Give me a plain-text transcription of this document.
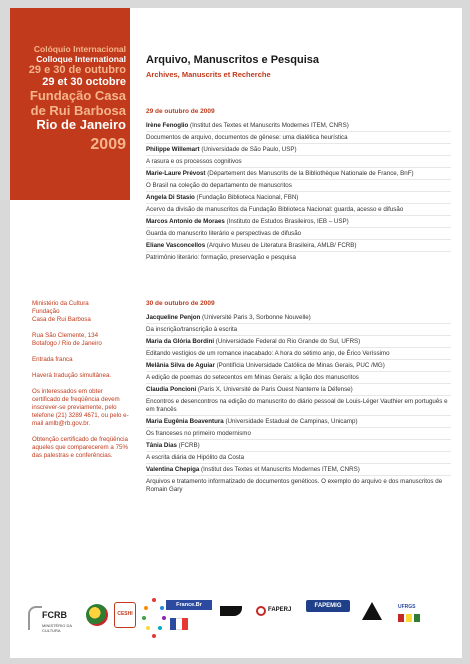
Colóquio Internacional
Colloque International
29 e 30 de outubro
29 et 30 octobre
Fundação Casa
de Rui Barbosa
Rio de Janeiro
2009

Ministério da Cultura
Fundação
Casa de Rui Barbosa

Rua São Clemente, 134
Botafogo / Rio de Janeiro

Entrada franca

Haverá tradução simultânea.

Os interessados em obter certificado de freqüência devem inscrever-se previamente, pelo telefone (21) 3289 4671, ou pelo e-mail amlb@rb.gov.br.

Obtenção certificado de freqüência aqueles que comparecerem a 75% das palestras e conferências.

Arquivo, Manuscritos e Pesquisa
Archives, Manuscrits et Recherche
29 de outubro de 2009
Irène Fenoglio (Institut des Textes et Manuscrits Modernes ITEM, CNRS)
Documentos de arquivo, documentos de gênese: uma dialética heurística
Philippe Willemart (Universidade de São Paulo, USP)
A rasura e os processos cognitivos
Marie-Laure Prévost (Département des Manuscrits de la Bibliothèque Nationale de France, BnF)
O Brasil na coleção do departamento de manuscritos
Angela Di Stasio (Fundação Biblioteca Nacional, FBN)
Acervo da divisão de manuscritos da Fundação Biblioteca Nacional: guarda, acesso e difusão
Marcos Antonio de Moraes (Instituto de Estudos Brasileiros, IEB – USP)
Guarda do manuscrito literário e perspectivas de difusão
Eliane Vasconcellos (Arquivo Museu de Literatura Brasileira, AMLB/ FCRB)
Patrimônio literário: formação, preservação e pesquisa
30 de outubro de 2009
Jacqueline Penjon (Université Paris 3, Sorbonne Nouvelle)
Da inscrição/transcrição à escrita
Maria da Glória Bordini (Universidade Federal do Rio Grande do Sul, UFRS)
Editando vestígios de um romance inacabado: A hora do sétimo anjo, de Érico Veríssimo
Melânia Silva de Aguiar (Pontifícia Universidade Católica de Minas Gerais, PUC /MG)
A edição de poemas do setecentos em Minas Gerais: a lição dos manuscritos
Claudia Poncioni (Paris X, Université de Paris Ouest Nanterre la Défense)
Encontros e desencontros na edição do manuscrito do diário pessoal de Louis-Léger Vauthier em português e em francês
Maria Eugênia Boaventura (Universidade Estadual de Campinas, Unicamp)
Os franceses no primeiro modernismo
Tânia Dias (FCRB)
A escrita diária de Hipólito da Costa
Valentina Chepiga (Institut des Textes et Manuscrits Modernes ITEM, CNRS)
Arquivos e tratamento informatizado de documentos genéticos. O exemplo do arquivo e dos manuscritos de Romain Gary
FCRB
MINISTÉRIO DA CULTURA
CESHI
France.Br
FAPERJ
FAPEMIG	UFRGS
